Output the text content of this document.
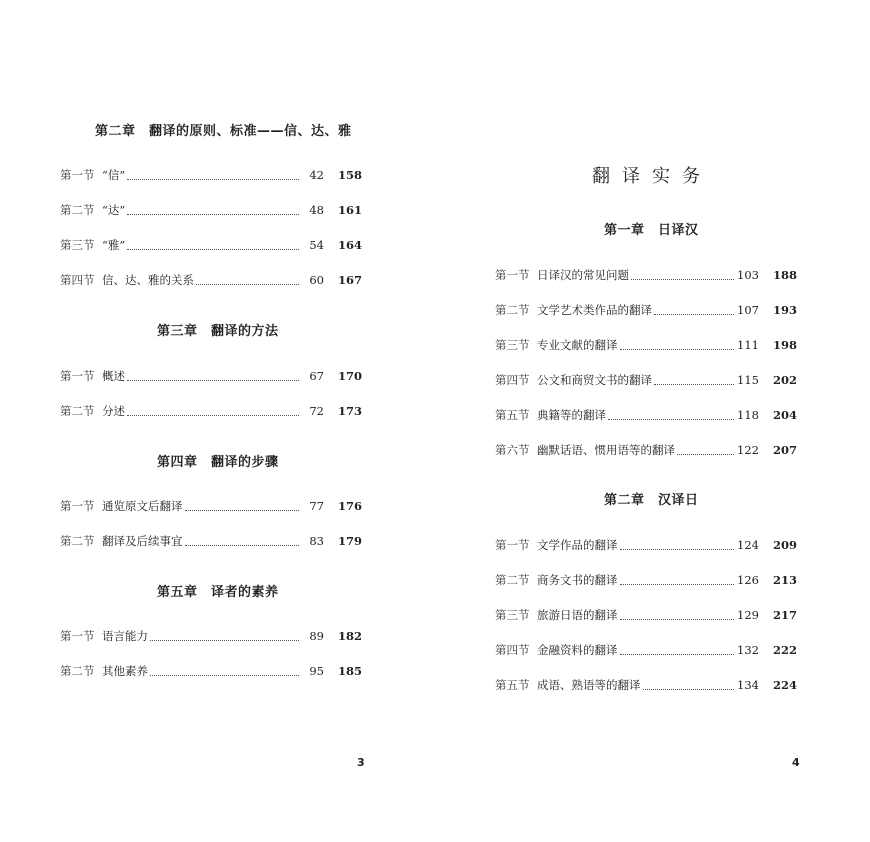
第二章　翻译的原则、标准——信、达、雅
第一节 “信”	42	158
第二节 “达”	48	161
第三节 “雅”	54	164
第四节 信、达、雅的关系	60	167
第三章　翻译的方法
第一节 概述	67	170
第二节 分述	72	173
第四章　翻译的步骤
第一节 通览原文后翻译	77	176
第二节 翻译及后续事宜	83	179
第五章　译者的素养
第一节 语言能力	89	182
第二节 其他素养	95	185
3
翻译实务
第一章　日译汉
第一节 日译汉的常见问题	103	188
第二节 文学艺术类作品的翻译	107	193
第三节 专业文献的翻译	111	198
第四节 公文和商贸文书的翻译	115	202
第五节 典籍等的翻译	118	204
第六节 幽默话语、惯用语等的翻译	122	207
第二章　汉译日
第一节 文学作品的翻译	124	209
第二节 商务文书的翻译	126	213
第三节 旅游日语的翻译	129	217
第四节 金融资料的翻译	132	222
第五节 成语、熟语等的翻译	134	224
4
